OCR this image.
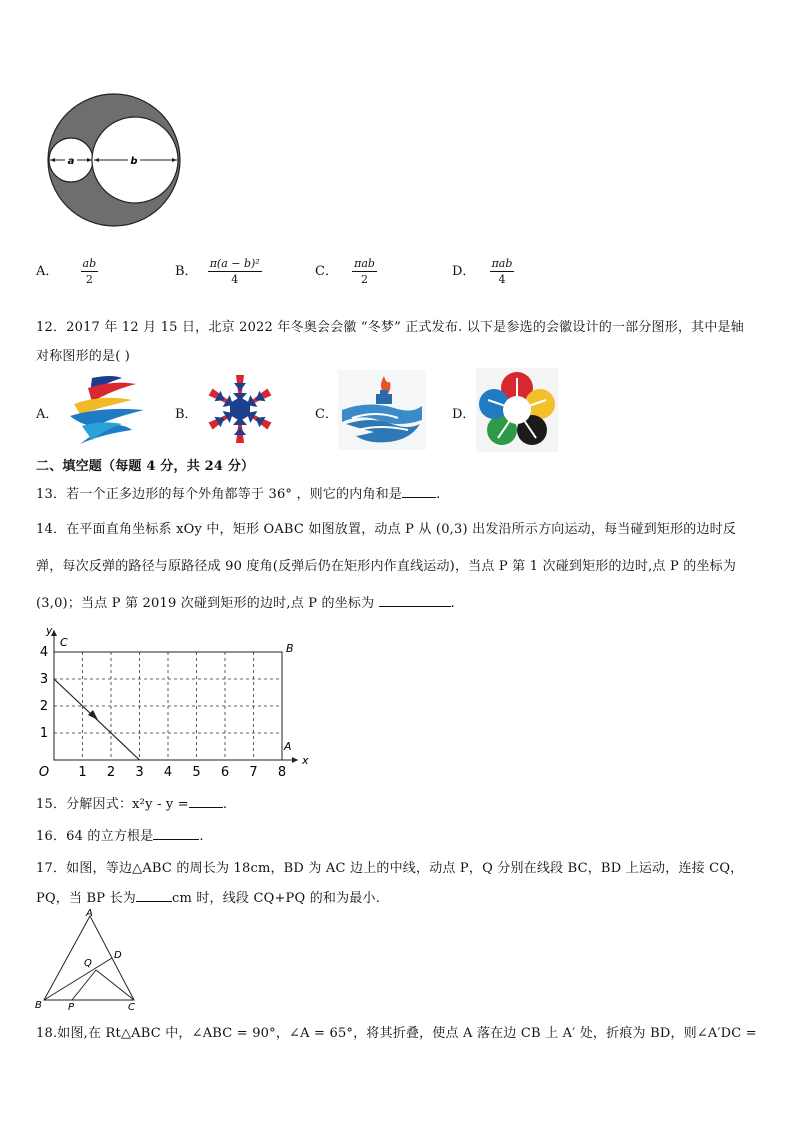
a	b
A． $\frac{ab}{2}$	B． $\frac{\text{π(a − b)²}}{4}$	C． $\frac{\text{πab}}{2}$	D． $\frac{\text{πab}}{4}$
12．2017 年 12 月 15 日，北京 2022 年冬奥会会徽 “冬梦” 正式发布. 以下是参选的会徽设计的一部分图形，其中是轴
对称图形的是( )
A．	B．	C．	D．
二、填空题（每题 4 分，共 24 分）
13．若一个正多边形的每个外角都等于 36° ，则它的内角和是	.
14．在平面直角坐标系 xOy 中，矩形 OABC 如图放置，动点 P 从 (0,3) 出发沿所示方向运动，每当碰到矩形的边时反
弹，每次反弹的路径与原路径成 90 度角(反弹后仍在矩形内作直线运动)，当点 P 第 1 次碰到矩形的边时,点 P 的坐标为
(3,0)；当点 P 第 2019 次碰到矩形的边时,点 P 的坐标为	.
1 2 3 4 5 6 7 8
1
2
3
4
O
x
y
C	B
A
15．分解因式：x²y - y =	.
16．64 的立方根是	.
17．如图，等边△ABC 的周长为 18cm，BD 为 AC 边上的中线，动点 P，Q 分别在线段 BC，BD 上运动，连接 CQ，
PQ，当 BP 长为	cm 时，线段 CQ+PQ 的和为最小.
A
B	C
D
P
Q
18.如图,在 Rt△ABC 中，∠ABC = 90°，∠A = 65°，将其折叠，使点 A 落在边 CB 上 A′ 处，折痕为 BD，则∠A′DC =
